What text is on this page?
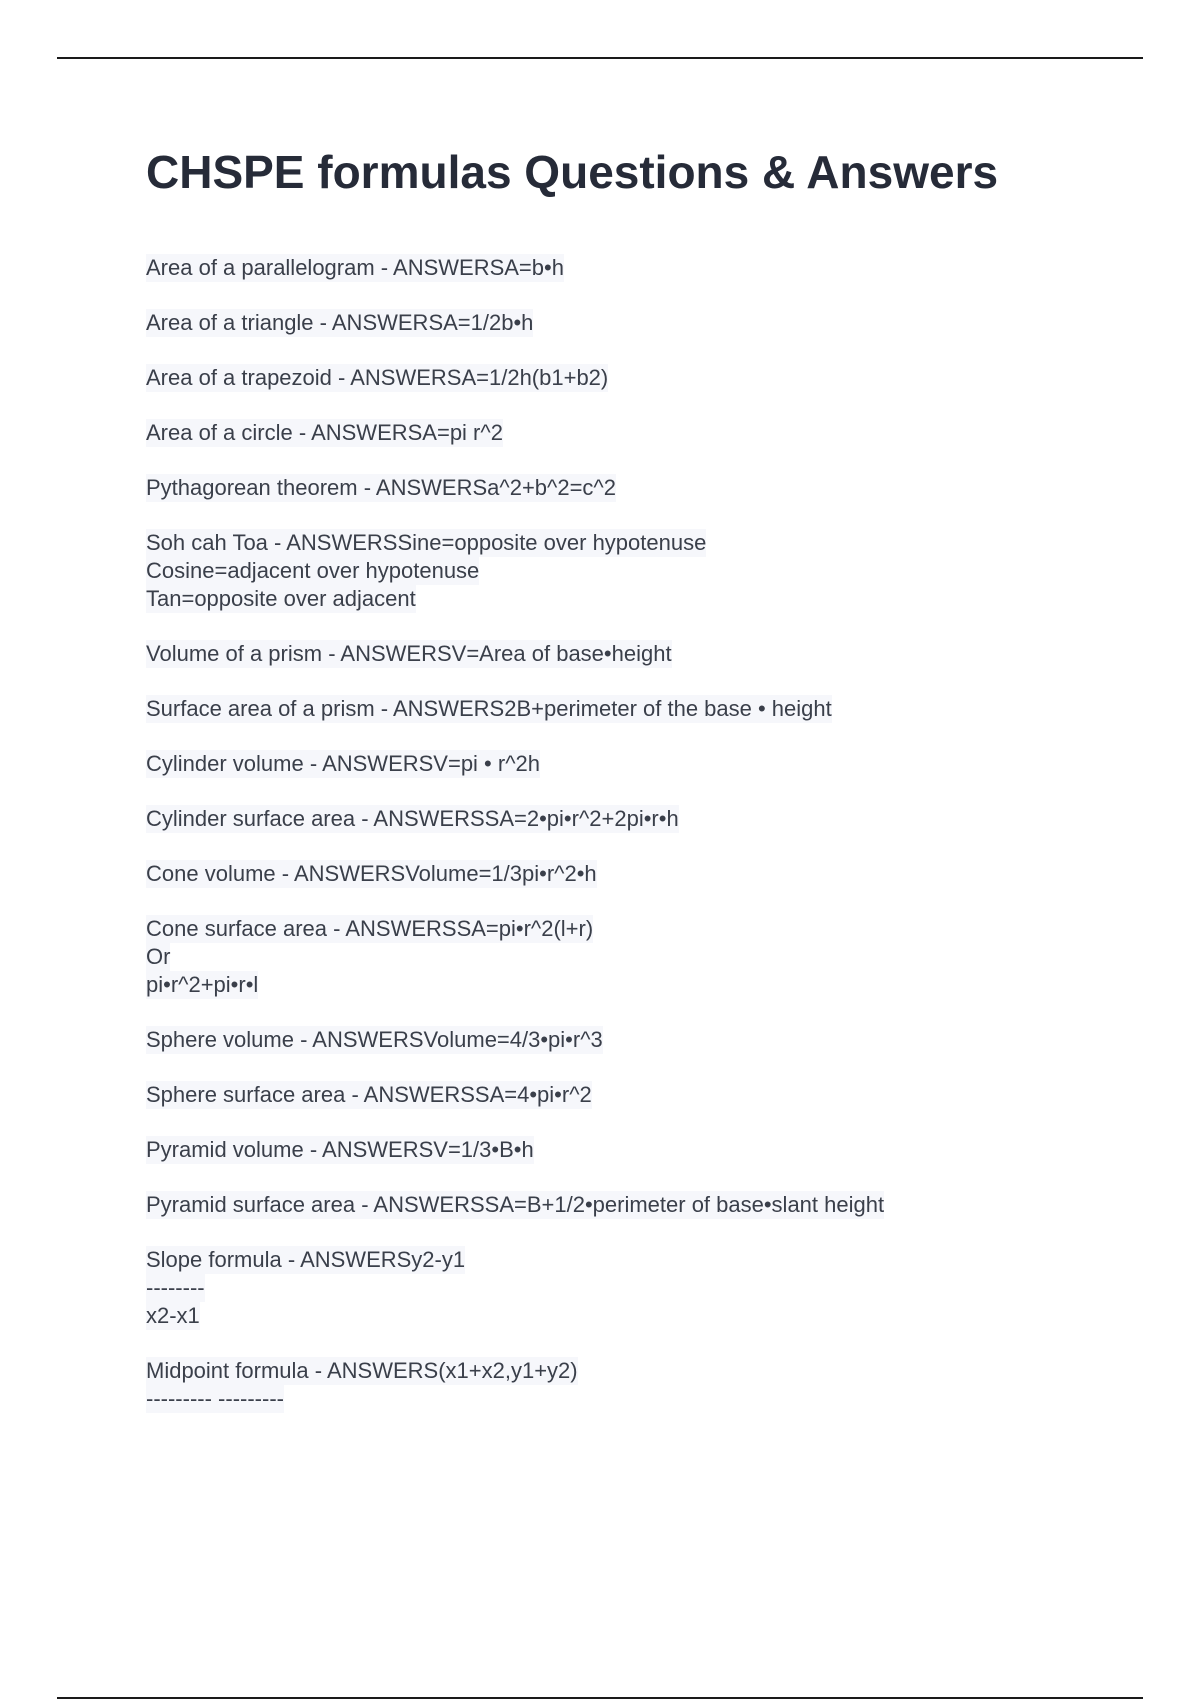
CHSPE formulas Questions & Answers
Area of a parallelogram - ANSWERSA=b•h
Area of a triangle - ANSWERSA=1/2b•h
Area of a trapezoid - ANSWERSA=1/2h(b1+b2)
Area of a circle - ANSWERSA=pi r^2
Pythagorean theorem - ANSWERSa^2+b^2=c^2
Soh cah Toa - ANSWERSSine=opposite over hypotenuse
Cosine=adjacent over hypotenuse
Tan=opposite over adjacent
Volume of a prism - ANSWERSV=Area of base•height
Surface area of a prism - ANSWERS2B+perimeter of the base • height
Cylinder volume - ANSWERSV=pi • r^2h
Cylinder surface area - ANSWERSSA=2•pi•r^2+2pi•r•h
Cone volume - ANSWERSVolume=1/3pi•r^2•h
Cone surface area - ANSWERSSA=pi•r^2(l+r)
Or
pi•r^2+pi•r•l
Sphere volume - ANSWERSVolume=4/3•pi•r^3
Sphere surface area - ANSWERSSA=4•pi•r^2
Pyramid volume - ANSWERSV=1/3•B•h
Pyramid surface area - ANSWERSSA=B+1/2•perimeter of base•slant height
Slope formula - ANSWERSy2-y1
--------
x2-x1
Midpoint formula - ANSWERS(x1+x2,y1+y2)
--------- ---------
